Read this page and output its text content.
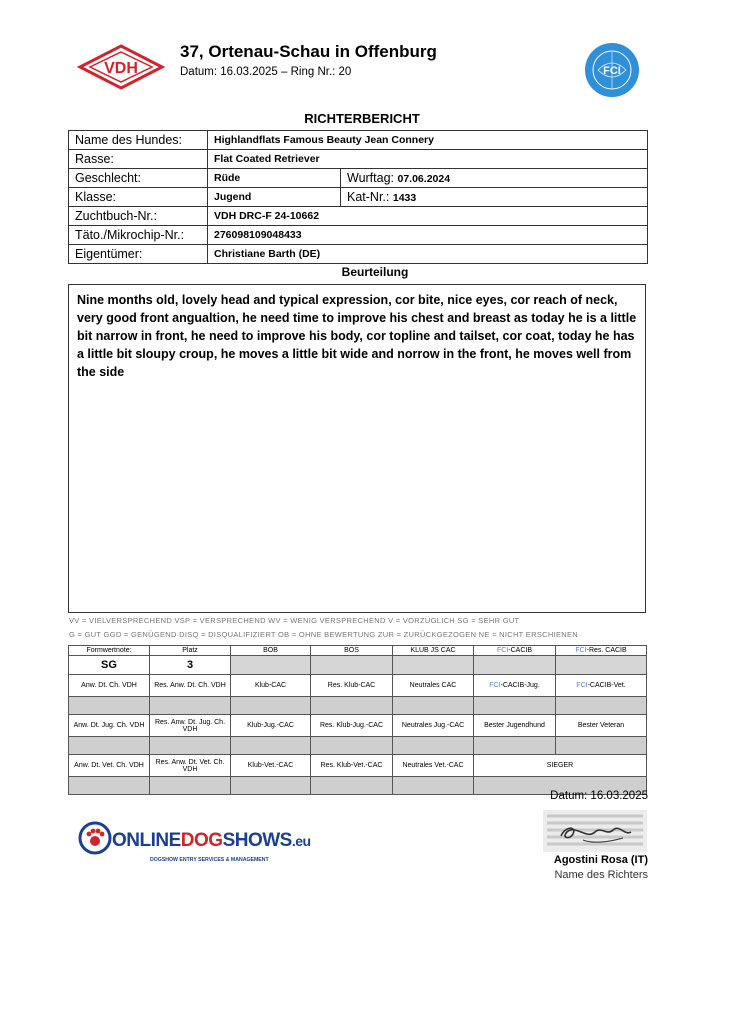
VDH
37, Ortenau-Schau in Offenburg
Datum: 16.03.2025 – Ring Nr.: 20	FCI
RICHTERBERICHT
Name des Hundes:	Highlandflats Famous Beauty Jean Connery	
Rasse:	Flat Coated Retriever	
Geschlecht:	Rüde	Wurftag: 07.06.2024
Klasse:	Jugend	Kat-Nr.: 1433
Zuchtbuch-Nr.:	VDH DRC-F 24-10662	
Täto./Mikrochip-Nr.:	276098109048433	
Eigentümer:	Christiane Barth (DE)	
Beurteilung
Nine months old, lovely head and typical expression, cor bite, nice eyes, cor reach of neck, very good front angualtion, he need time to improve his chest and breast as today he is a little bit narrow in front, he need to improve his body, cor topline and tailset, cor coat, today he has a little bit sloupy croup, he moves a little bit wide and norrow in the front, he moves well from the side
VV = VIELVERSPRECHEND VSP = VERSPRECHEND WV = WENIG VERSPRECHEND V = VORZÜGLICH SG = SEHR GUT
G = GUT GGD = GENÜGEND DISQ = DISQUALIFIZIERT OB = OHNE BEWERTUNG ZUR = ZURÜCKGEZOGEN NE = NICHT ERSCHIENEN
Formwertnote:	Platz	BOB	BOS	KLUB JS CAC	FCI-CACIB	FCI-Res. CACIB
SG	3					
Anw. Dt. Ch. VDH	Res. Anw. Dt. Ch. VDH	Klub-CAC	Res. Klub-CAC	Neutrales CAC	FCI-CACIB-Jug.	FCI-CACIB-Vet.

Anw. Dt. Jug. Ch. VDH	Res. Anw. Dt. Jug. Ch. VDH	Klub-Jug.-CAC	Res. Klub-Jug.-CAC	Neutrales Jug.-CAC	Bester Jugendhund	Bester Veteran

Anw. Dt. Vet. Ch. VDH	Res. Anw. Dt. Vet. Ch. VDH	Klub-Vet.-CAC	Res. Klub-Vet.-CAC	Neutrales Vet.-CAC	SIEGER	

Datum: 16.03.2025
ONLINEDOGSHOWS.eu
DOGSHOW ENTRY SERVICES & MANAGEMENT	Agostini Rosa (IT)
Name des Richters
